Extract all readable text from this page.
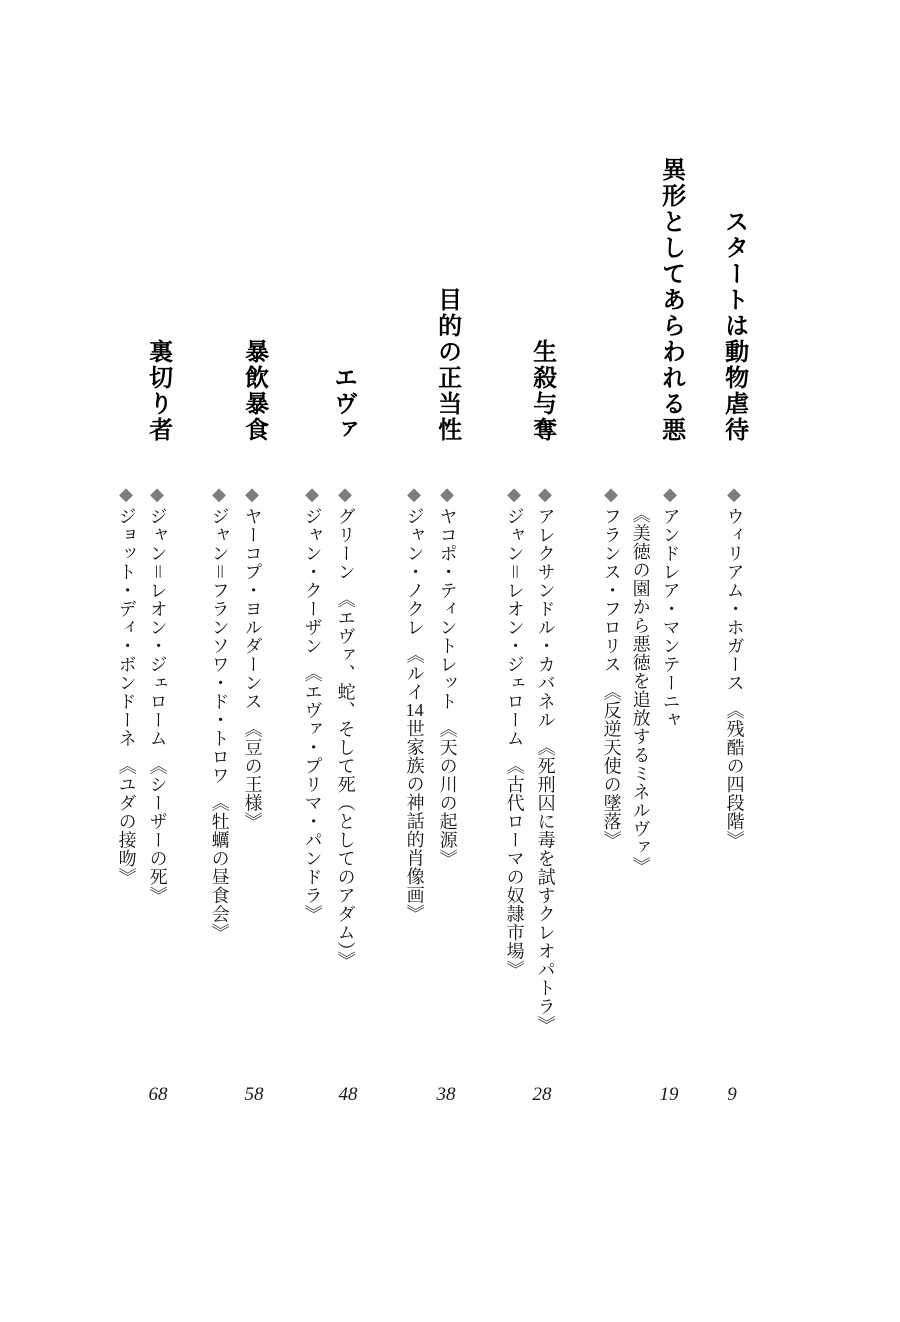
スタートは動物虐待
◆ウィリアム・ホガース《残酷の四段階》
9
異形としてあらわれる悪
◆アンドレア・マンテーニャ
《美徳の園から悪徳を追放するミネルヴァ》
◆フランス・フロリス《反逆天使の墜落》
19
生殺与奪
◆アレクサンドル・カバネル《死刑囚に毒を試すクレオパトラ》
◆ジャン＝レオン・ジェローム《古代ローマの奴隷市場》
28
目的の正当性
◆ヤコポ・ティントレット《天の川の起源》
◆ジャン・ノクレ《ルイ14世家族の神話的肖像画》
38
エヴァ
◆グリーン《エヴァ、蛇、そして死（としてのアダム）》
◆ジャン・クーザン《エヴァ・プリマ・パンドラ》
48
暴飲暴食
◆ヤーコプ・ヨルダーンス《豆の王様》
◆ジャン＝フランソワ・ド・トロワ《牡蠣の昼食会》
58
裏切り者
◆ジャン＝レオン・ジェローム《シーザーの死》
◆ジョット・ディ・ボンドーネ《ユダの接吻》
68
